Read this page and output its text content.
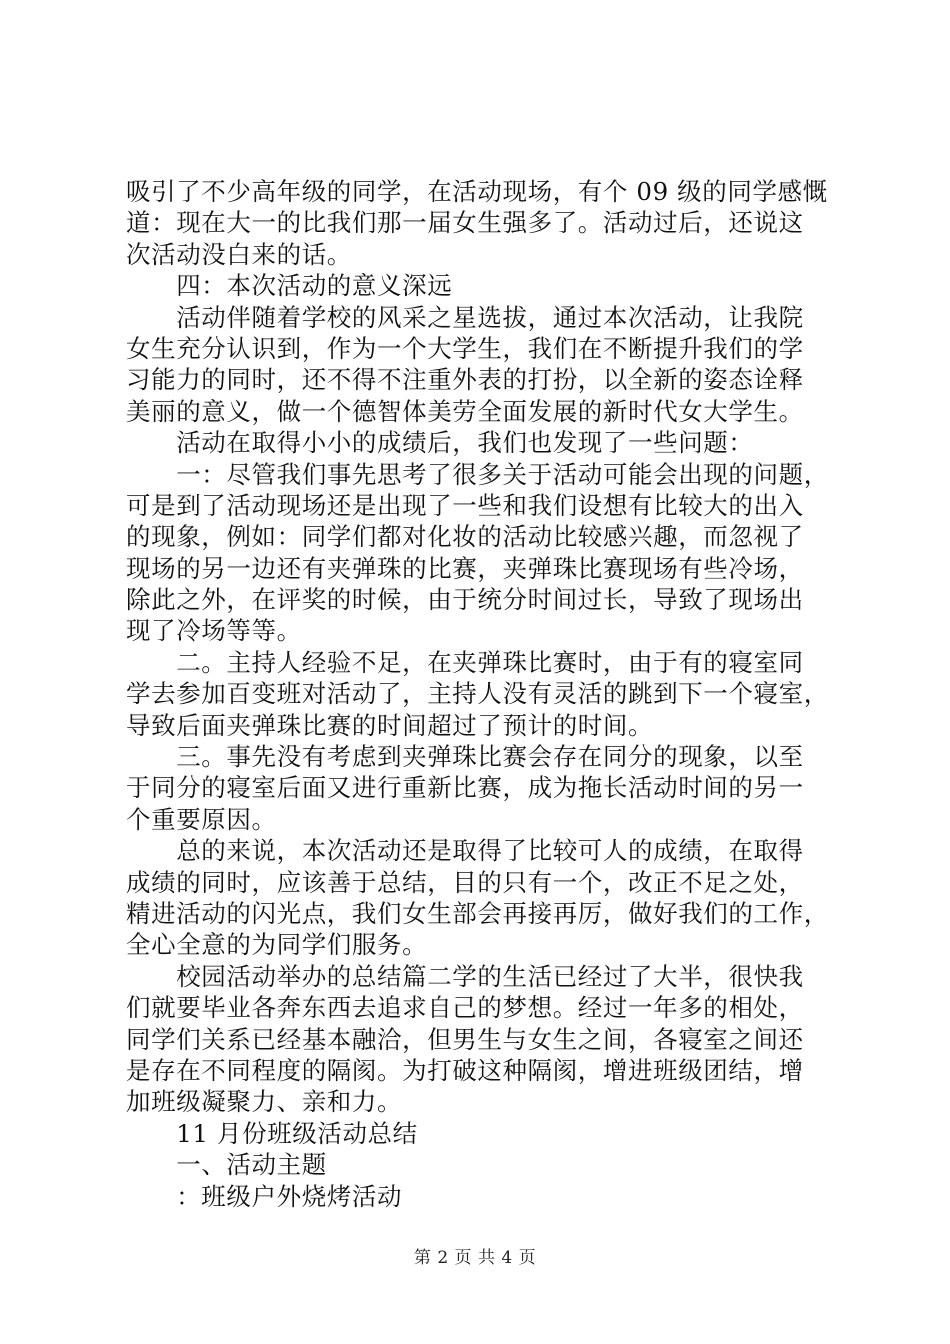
吸引了不少高年级的同学，在活动现场，有个 09 级的同学感慨
道：现在大一的比我们那一届女生强多了。活动过后，还说这
次活动没白来的话。
　　四：本次活动的意义深远
　　活动伴随着学校的风采之星选拔，通过本次活动，让我院
女生充分认识到，作为一个大学生，我们在不断提升我们的学
习能力的同时，还不得不注重外表的打扮，以全新的姿态诠释
美丽的意义，做一个德智体美劳全面发展的新时代女大学生。
　　活动在取得小小的成绩后，我们也发现了一些问题：
　　一：尽管我们事先思考了很多关于活动可能会出现的问题，
可是到了活动现场还是出现了一些和我们设想有比较大的出入
的现象，例如：同学们都对化妆的活动比较感兴趣，而忽视了
现场的另一边还有夹弹珠的比赛，夹弹珠比赛现场有些冷场，
除此之外，在评奖的时候，由于统分时间过长，导致了现场出
现了冷场等等。
　　二。主持人经验不足，在夹弹珠比赛时，由于有的寝室同
学去参加百变班对活动了，主持人没有灵活的跳到下一个寝室，
导致后面夹弹珠比赛的时间超过了预计的时间。
　　三。事先没有考虑到夹弹珠比赛会存在同分的现象，以至
于同分的寝室后面又进行重新比赛，成为拖长活动时间的另一
个重要原因。
　　总的来说，本次活动还是取得了比较可人的成绩，在取得
成绩的同时，应该善于总结，目的只有一个，改正不足之处，
精进活动的闪光点，我们女生部会再接再厉，做好我们的工作，
全心全意的为同学们服务。
　　校园活动举办的总结篇二学的生活已经过了大半，很快我
们就要毕业各奔东西去追求自己的梦想。经过一年多的相处，
同学们关系已经基本融洽，但男生与女生之间，各寝室之间还
是存在不同程度的隔阂。为打破这种隔阂，增进班级团结，增
加班级凝聚力、亲和力。
　　11 月份班级活动总结
　　一、活动主题
　　：班级户外烧烤活动
第 2 页 共 4 页
